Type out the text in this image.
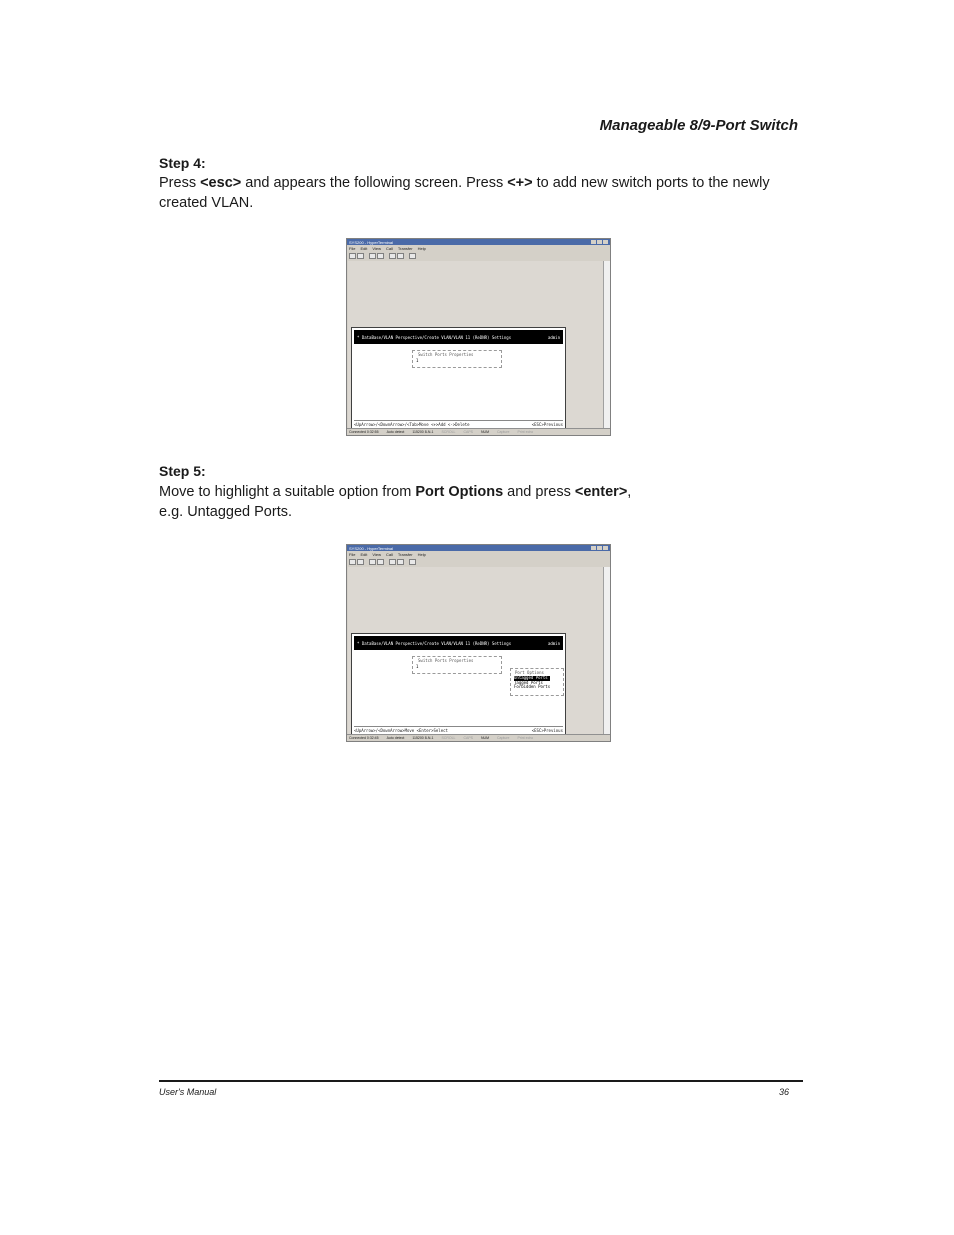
Manageable 8/9-Port Switch
Step 4:
Press <esc> and appears the following screen. Press <+> to add new switch ports to the newly created VLAN.
SYS200 - HyperTerminal
File Edit View Call Transfer Help
* DataBase/VLAN Perspective/Create VLAN/VLAN 11 (ReDNR) Settings	admin
Switch Ports Properties
1
<UpArrow>/<DownArrow>/<Tab>Move <+>Add <->Delete	<ESC>Previous
Connected 0:32:55 Auto detect 115200 8-N-1 SCROLL CAPS NUM Capture Print echo
Step 5:
Move to highlight a suitable option from Port Options and press <enter>,
e.g. Untagged Ports.
SYS200 - HyperTerminal
File Edit View Call Transfer Help
* DataBase/VLAN Perspective/Create VLAN/VLAN 11 (ReDNR) Settings	admin
Switch Ports Properties
1
Port Options
Untagged Ports
Tagged Ports
Forbidden Ports
<UpArrow>/<DownArrow>Move <Enter>Select	<ESC>Previous
Connected 0:32:45 Auto detect 115200 8-N-1 SCROLL CAPS NUM Capture Print echo
User's Manual	36
